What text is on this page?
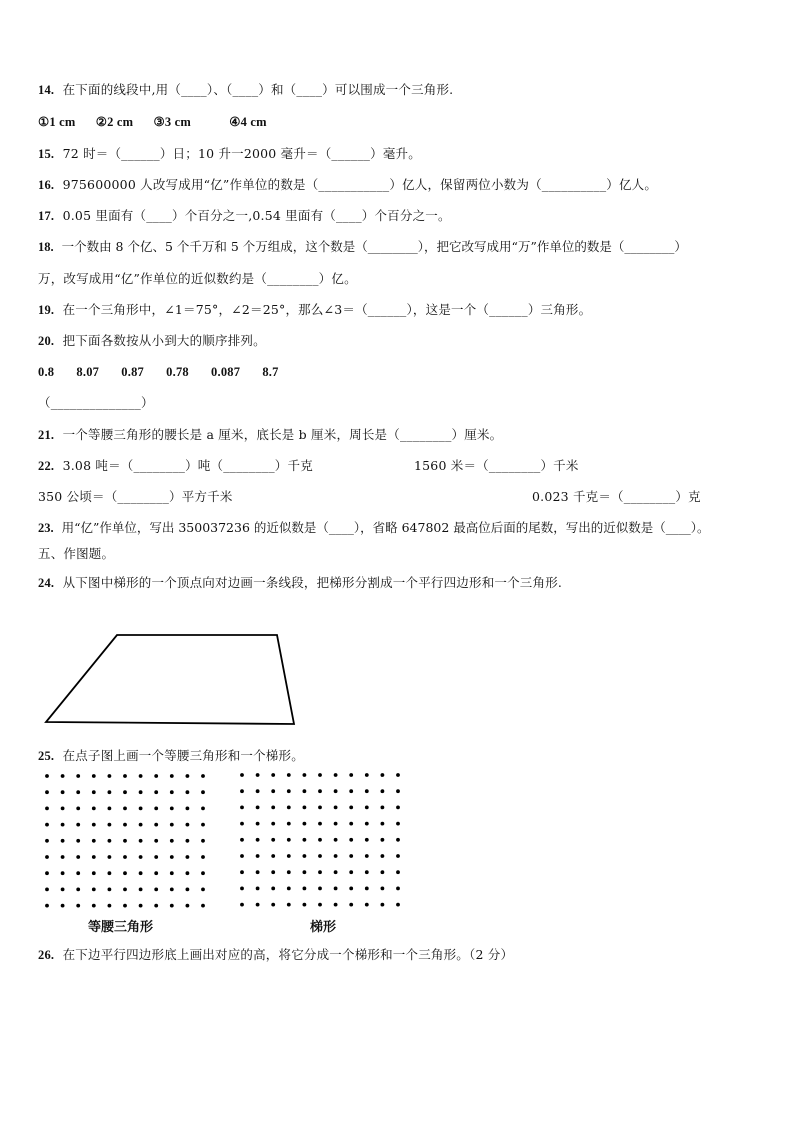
14. 在下面的线段中,用（____）、（____）和（____）可以围成一个三角形.
①1 cm ②2 cm ③3 cm	④4 cm
15. 72 时＝（______）日；10 升一2000 毫升＝（______）毫升。
16. 975600000 人改写成用“亿”作单位的数是（___________）亿人，保留两位小数为（__________）亿人。
17. 0.05 里面有（____）个百分之一,0.54 里面有（____）个百分之一。
18. 一个数由 8 个亿、5 个千万和 5 个万组成，这个数是（________），把它改写成用“万”作单位的数是（________）
万，改写成用“亿”作单位的近似数约是（________）亿。
19. 在一个三角形中，∠1＝75°，∠2＝25°，那么∠3＝（______），这是一个（______）三角形。
20. 把下面各数按从小到大的顺序排列。
0.8 8.07 0.87 0.78 0.087 8.7
（______________）
21. 一个等腰三角形的腰长是 a 厘米，底长是 b 厘米，周长是（________）厘米。
22. 3.08 吨＝（________）吨（________）千克	1560 米＝（________）千米
350 公顷＝（________）平方千米	0.023 千克＝（________）克
23. 用“亿”作单位，写出 350037236 的近似数是（____），省略 647802 最高位后面的尾数，写出的近似数是（____）。
五、作图题。
24. 从下图中梯形的一个顶点向对边画一条线段，把梯形分割成一个平行四边形和一个三角形.
25. 在点子图上画一个等腰三角形和一个梯形。
等腰三角形	梯形
26. 在下边平行四边形底上画出对应的高，将它分成一个梯形和一个三角形。（2 分）
